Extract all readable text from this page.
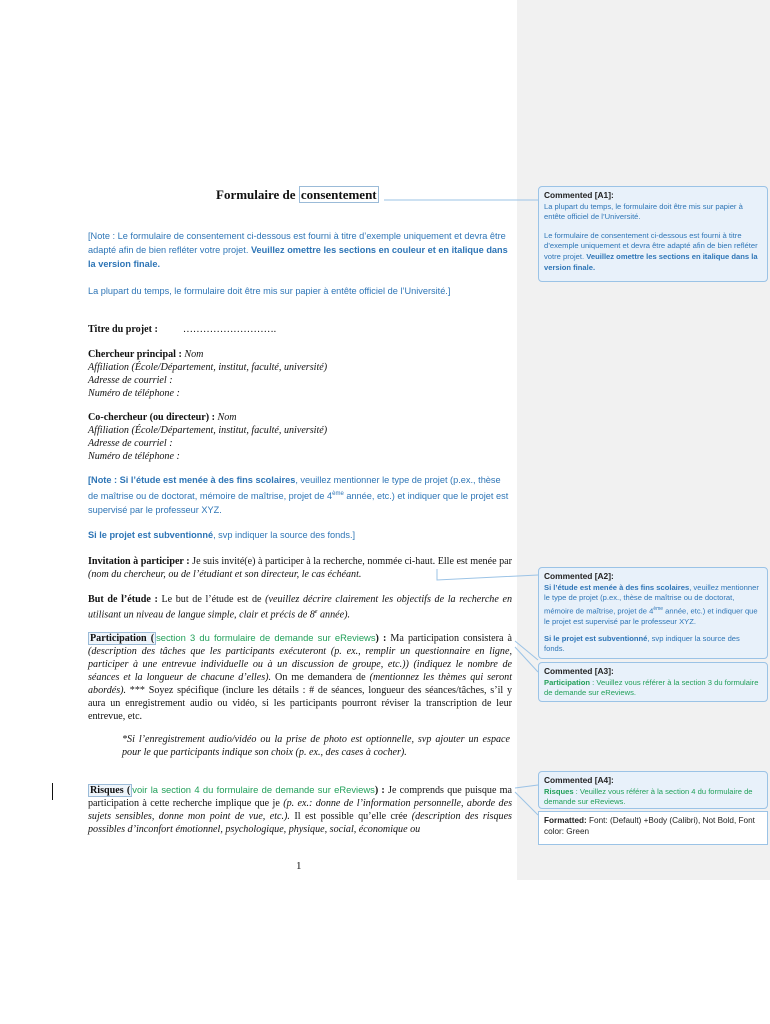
Formulaire de consentement
[Note : Le formulaire de consentement ci-dessous est fourni à titre d’exemple uniquement et devra être adapté afin de bien refléter votre projet. Veuillez omettre les sections en couleur et en italique dans la version finale.
La plupart du temps, le formulaire doit être mis sur papier à entête officiel de l’Université.]
Titre du projet : ……………………….
Chercheur principal : Nom
Affiliation (École/Département, institut, faculté, université)
Adresse de courriel :
Numéro de téléphone :
Co-chercheur (ou directeur) : Nom
Affiliation (École/Département, institut, faculté, université)
Adresse de courriel :
Numéro de téléphone :
[Note : Si l’étude est menée à des fins scolaires, veuillez mentionner le type de projet (p.ex., thèse de maîtrise ou de doctorat, mémoire de maîtrise, projet de 4ème année, etc.) et indiquer que le projet est supervisé par le professeur XYZ.
Si le projet est subventionné, svp indiquer la source des fonds.]
Invitation à participer : Je suis invité(e) à participer à la recherche, nommée ci-haut. Elle est menée par (nom du chercheur, ou de l’étudiant et son directeur, le cas échéant.
But de l’étude : Le but de l’étude est de (veuillez décrire clairement les objectifs de la recherche en utilisant un niveau de langue simple, clair et précis de 8e année).
Participation ( section 3 du formulaire de demande sur eReviews) : Ma participation consistera à (description des tâches que les participants exécuteront (p. ex., remplir un questionnaire en ligne, participer à une entrevue individuelle ou à un discussion de groupe, etc.)) (indiquez le nombre de séances et la longueur de chacune d’elles). On me demandera de (mentionnez les thèmes qui seront abordés). *** Soyez spécifique (inclure les détails : # de séances, longueur des séances/tâches, s’il y aura un enregistrement audio ou vidéo, si les participants pourront réviser la transcription de leur entrevue, etc.
*Si l’enregistrement audio/vidéo ou la prise de photo est optionnelle, svp ajouter un espace pour le que participants indique son choix (p. ex., des cases à cocher).
Risques ( voir la section 4 du formulaire de demande sur eReviews) : Je comprends que puisque ma participation à cette recherche implique que je (p. ex.: donne de l’information personnelle, aborde des sujets sensibles, donne mon point de vue, etc.). Il est possible qu’elle crée (description des risques possibles d’inconfort émotionnel, psychologique, physique, social, économique ou
1
Commented [A1]:

La plupart du temps, le formulaire doit être mis sur papier à entête officiel de l’Université.

Le formulaire de consentement ci-dessous est fourni à titre d’exemple uniquement et devra être adapté afin de bien refléter votre projet. Veuillez omettre les sections en italique dans la version finale.

Commented [A2]:

Si l’étude est menée à des fins scolaires, veuillez mentionner le type de projet (p.ex., thèse de maîtrise ou de doctorat, mémoire de maîtrise, projet de 4ème année, etc.) et indiquer que le projet est supervisé par le professeur XYZ.

Si le projet est subventionné, svp indiquer la source des fonds.

Commented [A3]:

Participation : Veuillez vous référer à la section 3 du formulaire de demande sur eReviews.

Commented [A4]:

Risques : Veuillez vous référer à la section 4 du formulaire de demande sur eReviews.

Formatted: Font: (Default) +Body (Calibri), Not Bold, Font color: Green
